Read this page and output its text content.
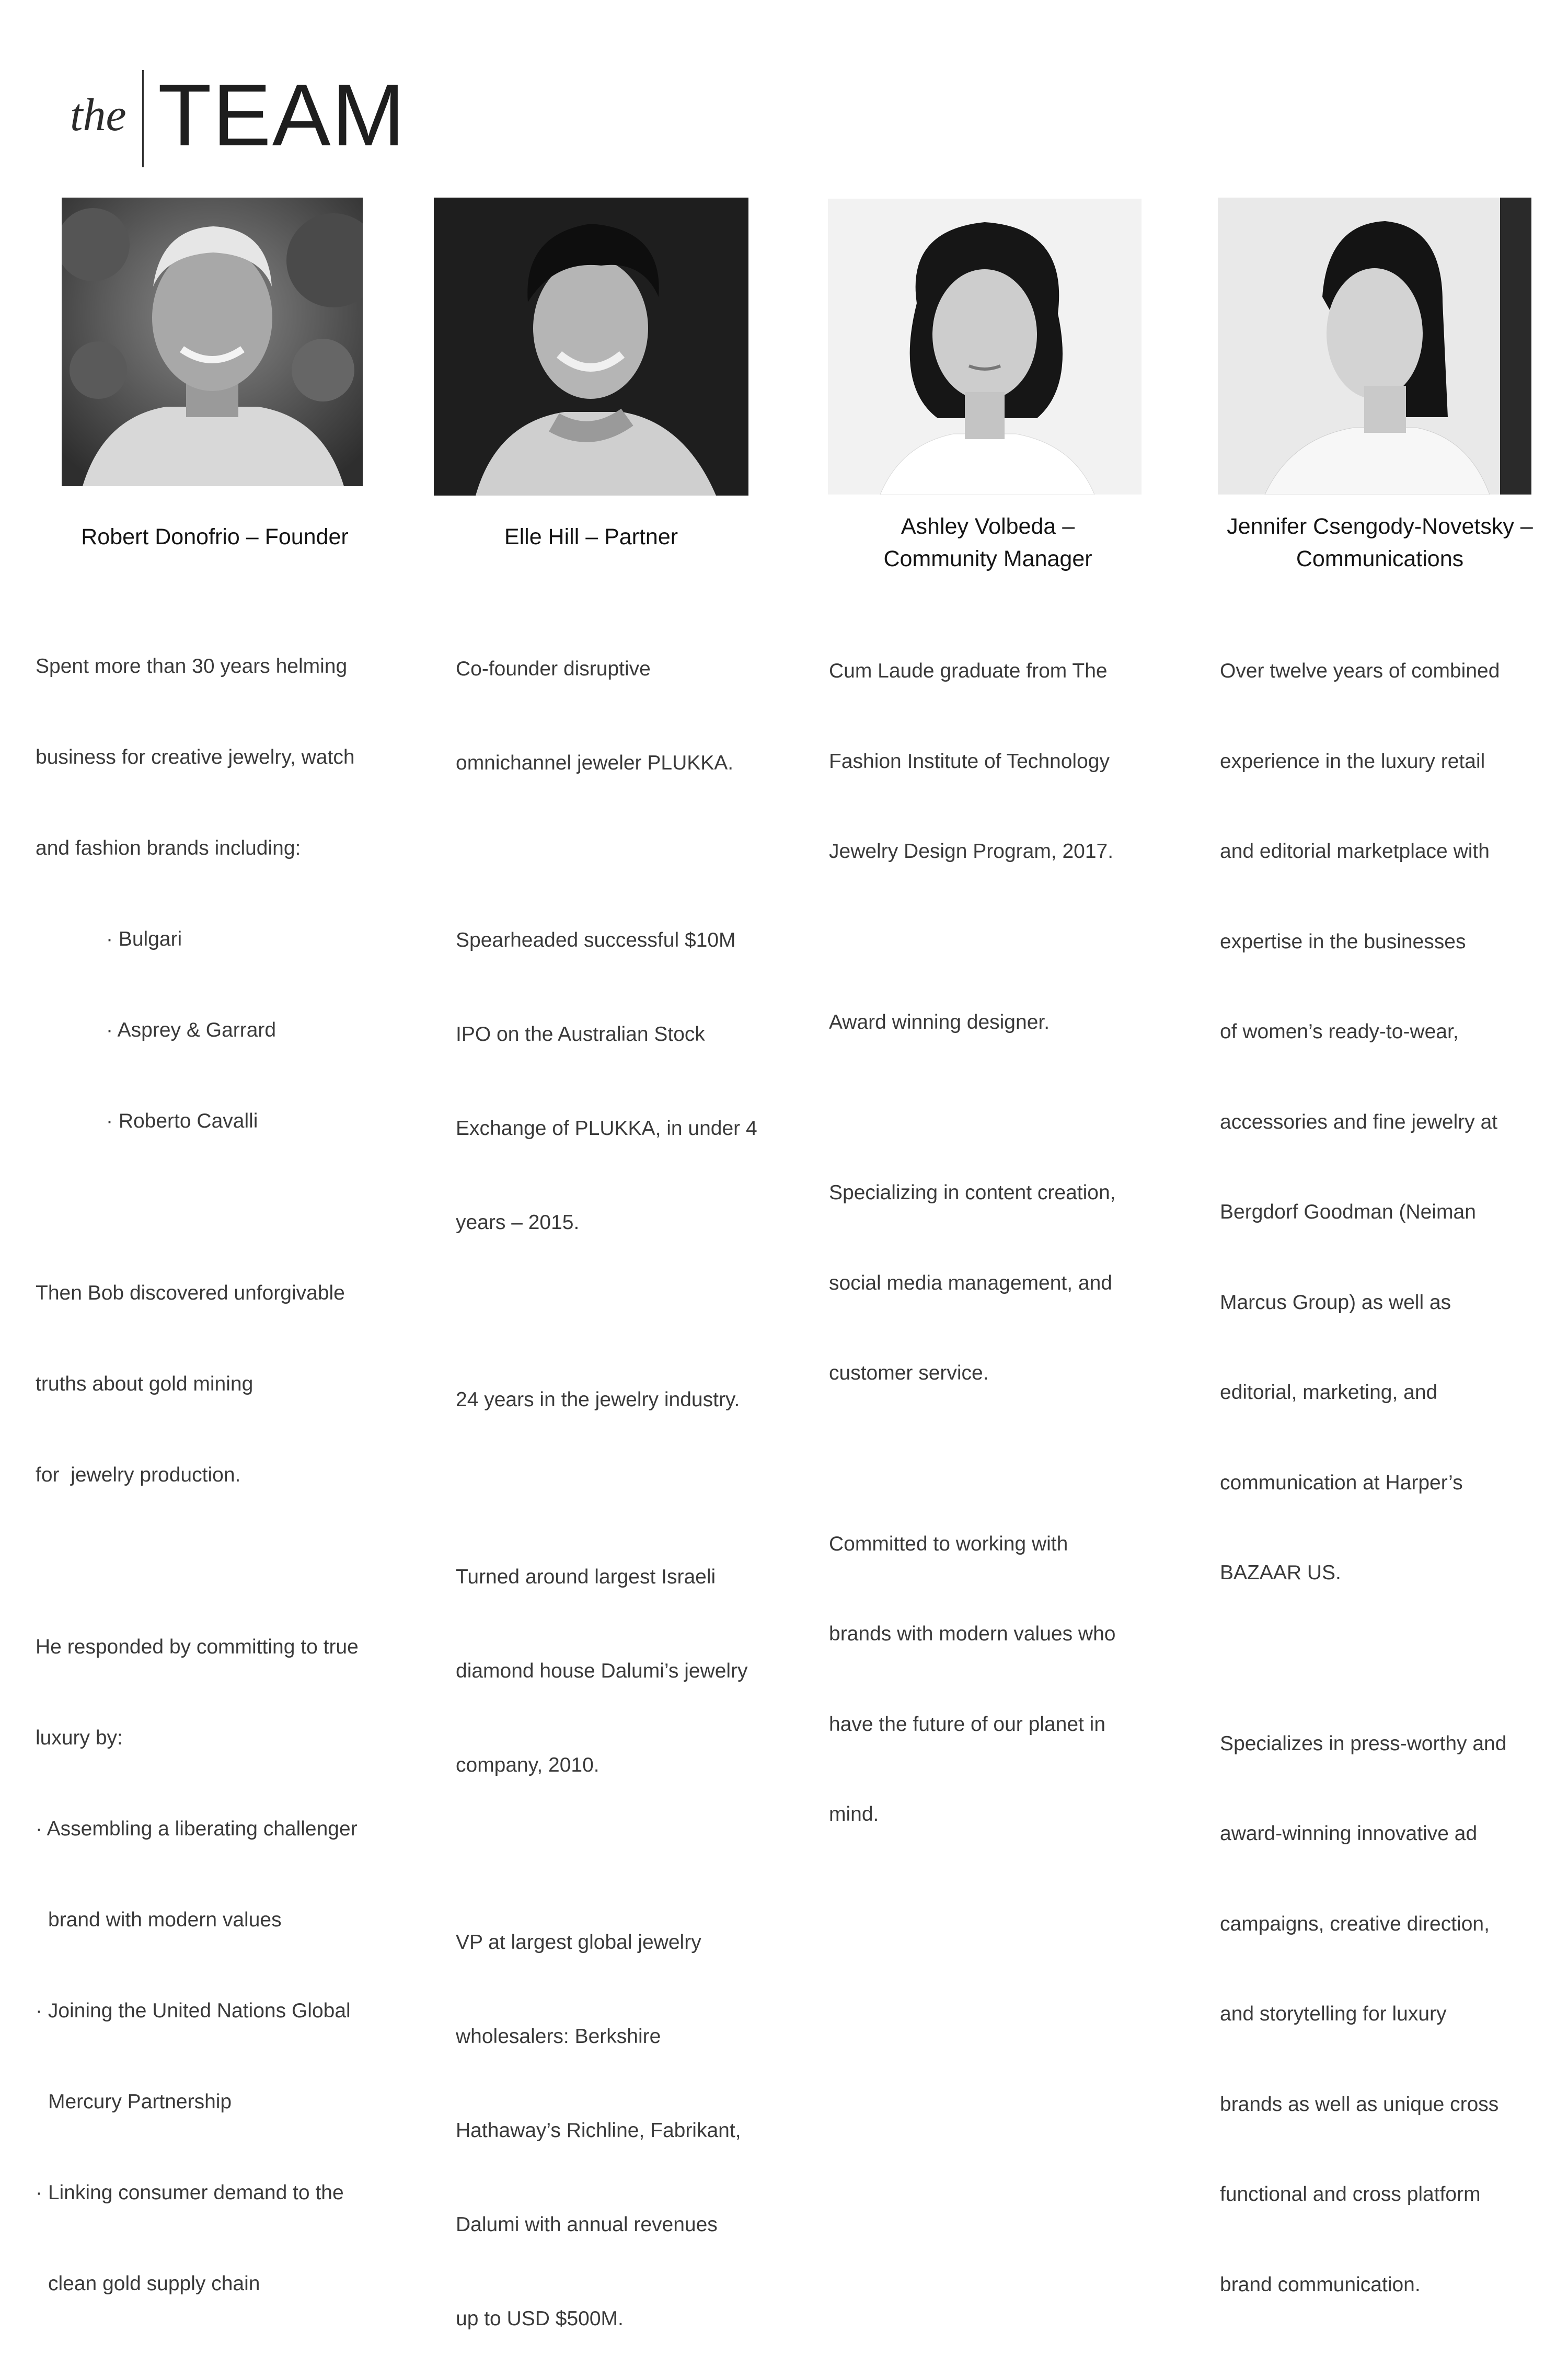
the TEAM
Robert Donofrio – Founder	Elle Hill – Partner	Ashley Volbeda –
Community Manager
Jennifer Csengody-Novetsky –
Communications

Spent more than 30 years helming

business for creative jewelry, watch

and fashion brands including:

· Bulgari

· Asprey & Garrard

· Roberto Cavalli

Then Bob discovered unforgivable

truths about gold mining

for  jewelry production.

He responded by committing to true

luxury by:

· Assembling a liberating challenger

brand with modern values

· Joining the United Nations Global

Mercury Partnership

· Linking consumer demand to the

clean gold supply chain

Co-founder disruptive

omnichannel jeweler PLUKKA.

Spearheaded successful $10M

IPO on the Australian Stock

Exchange of PLUKKA, in under 4

years – 2015.

24 years in the jewelry industry.

Turned around largest Israeli

diamond house Dalumi’s jewelry

company, 2010.

VP at largest global jewelry

wholesalers: Berkshire

Hathaway’s Richline, Fabrikant,

Dalumi with annual revenues

up to USD $500M.

Cum Laude graduate from The

Fashion Institute of Technology

Jewelry Design Program, 2017.

Award winning designer.

Specializing in content creation,

social media management, and

customer service.

Committed to working with

brands with modern values who

have the future of our planet in

mind.

Over twelve years of combined

experience in the luxury retail

and editorial marketplace with

expertise in the businesses

of women’s ready-to-wear,

accessories and fine jewelry at

Bergdorf Goodman (Neiman

Marcus Group) as well as

editorial, marketing, and

communication at Harper’s

BAZAAR US.

Specializes in press-worthy and

award-winning innovative ad

campaigns, creative direction,

and storytelling for luxury

brands as well as unique cross

functional and cross platform

brand communication.
